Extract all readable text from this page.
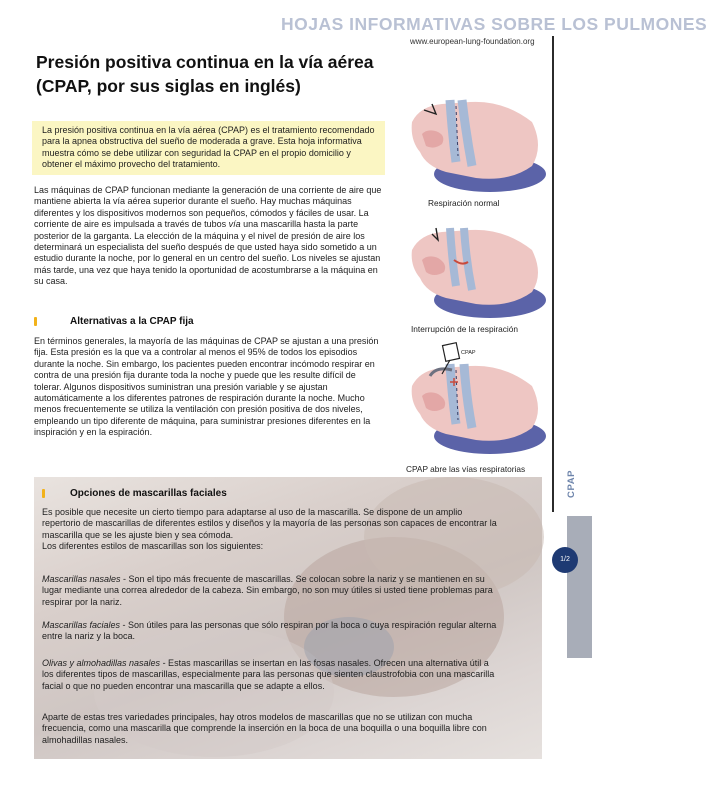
HOJAS INFORMATIVAS SOBRE LOS PULMONES
www.european-lung-foundation.org
CPAP
1/2
Presión positiva continua en la vía aérea
(CPAP, por sus siglas en inglés)
La presión positiva continua en la vía aérea (CPAP) es el tratamiento recomendado para la apnea obstructiva del sueño de moderada a grave. Esta hoja informativa muestra cómo se debe utilizar con seguridad la CPAP en el propio domicilio y obtener el máximo provecho del tratamiento.

Las máquinas de CPAP funcionan mediante la generación de una corriente de aire que mantiene abierta la vía aérea superior durante el sueño. Hay muchas máquinas diferentes y los dispositivos modernos son pequeños, cómodos y fáciles de usar. La corriente de aire es impulsada a través de tubos vía una mascarilla hasta la parte posterior de la garganta. La elección de la máquina y el nivel de presión de aire los determinará un especialista del sueño después de que usted haya sido sometido a un estudio durante la noche, por lo general en un centro del sueño. Los niveles se ajustan más tarde, una vez que haya tenido la oportunidad de acostumbrarse a la máquina en su casa.

Alternativas a la CPAP fija

En términos generales, la mayoría de las máquinas de CPAP se ajustan a una presión fija. Esta presión es la que va a controlar al menos el 95% de todos los episodios durante la noche. Sin embargo, los pacientes pueden encontrar incómodo respirar en contra de una presión fija durante toda la noche y puede que les resulte difícil de tolerar. Algunos dispositivos suministran una presión variable y se ajustan automáticamente a los diferentes patrones de respiración durante la noche. Mucho menos frecuentemente se utiliza la ventilación con presión positiva de dos niveles, empleando un tipo diferente de máquina, para suministrar presiones diferentes en la inspiración y en la espiración.

Respiración normal
Interrupción de la respiración
CPAP
CPAP abre las vías respiratorias
Opciones de mascarillas faciales

Es posible que necesite un cierto tiempo para adaptarse al uso de la mascarilla. Se dispone de un amplio repertorio de mascarillas de diferentes estilos y diseños y la mayoría de las personas son capaces de encontrar la mascarilla que se les ajuste bien y sea cómoda.

Los diferentes estilos de mascarillas son los siguientes:

Mascarillas nasales - Son el tipo más frecuente de mascarillas. Se colocan sobre la nariz y se mantienen en su lugar mediante una correa alrededor de la cabeza. Sin embargo, no son muy útiles si usted tiene problemas para respirar por la nariz.

Mascarillas faciales - Son útiles para las personas que sólo respiran por la boca o cuya respiración regular alterna entre la nariz y la boca.

Olivas y almohadillas nasales - Estas mascarillas se insertan en las fosas nasales. Ofrecen una alternativa útil a los diferentes tipos de mascarillas, especialmente para las personas que sienten claustrofobia con una mascarilla facial o que no pueden encontrar una mascarilla que se adapte a ellos.

Aparte de estas tres variedades principales, hay otros modelos de mascarillas que no se utilizan con mucha frecuencia, como una mascarilla que comprende la inserción en la boca de una boquilla o una boquilla libre con almohadillas nasales.
